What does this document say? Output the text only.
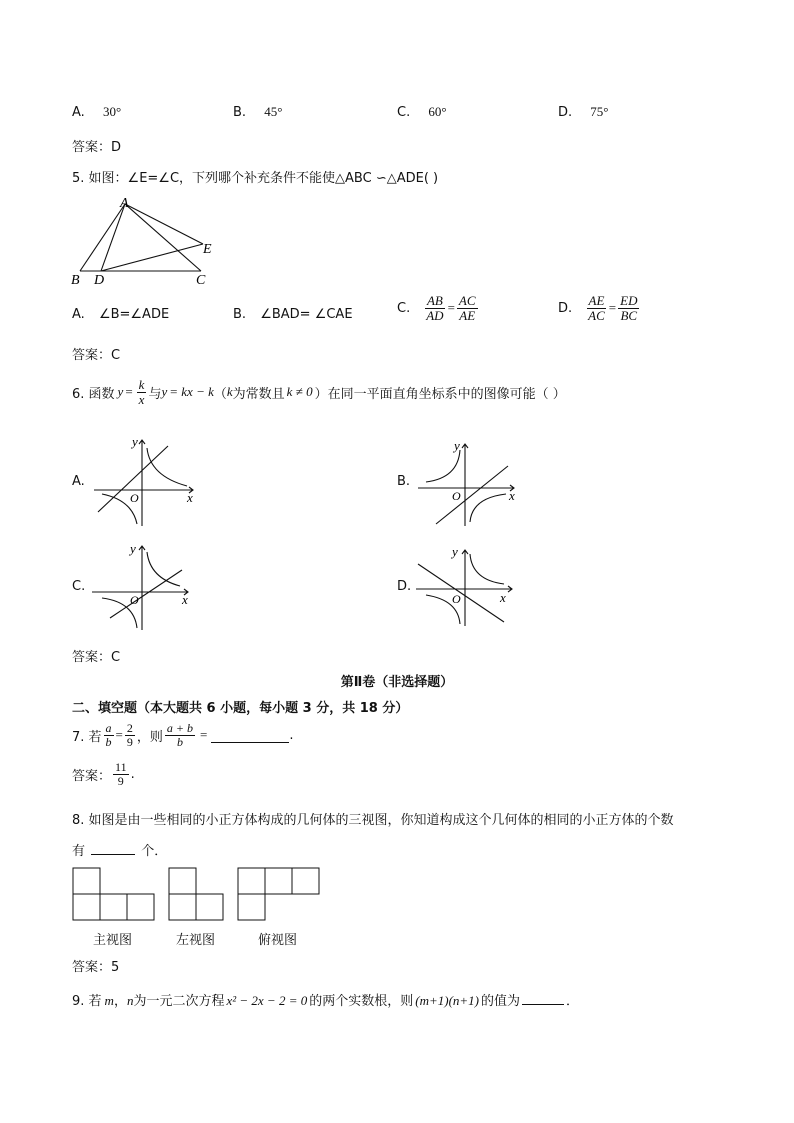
A. 30°	B. 45°	C. 60°	D. 75°
答案：D
5. 如图：∠E=∠C，下列哪个补充条件不能使△ABC ∽△ADE( )
A
B D	C
E
A. ∠B=∠ADE	B. ∠BAD= ∠CAE	C. $\frac{AB}{AD} = \frac{AC}{AE}$	D. $\frac{AE}{AC} = \frac{ED}{BC}$
答案：C
6. 函数 $y = \frac{k}{x}$ 与 y = kx − k （ k 为常数且 k ≠ 0 ）在同一平面直角坐标系中的图像可能（ ）
A.
y
x
O
B.
y
x
O
C.
y
x
O
D.
y
x
O
答案：C
第Ⅱ卷（非选择题）
二、填空题（本大题共 6 小题，每小题 3 分，共 18 分）
7. 若 $\frac{a}{b} = \frac{2}{9}$ ，则 $\frac{a + b}{b}$ =	.
答案： $\frac{11}{9}$ .
8. 如图是由一些相同的小正方体构成的几何体的三视图，你知道构成这个几何体的相同的小正方体的个数
有	个．
主视图	左视图	俯视图
答案：5
9. 若 m ， n 为一元二次方程 x² − 2x − 2 = 0 的两个实数根，则 (m+1)(n+1) 的值为	．
